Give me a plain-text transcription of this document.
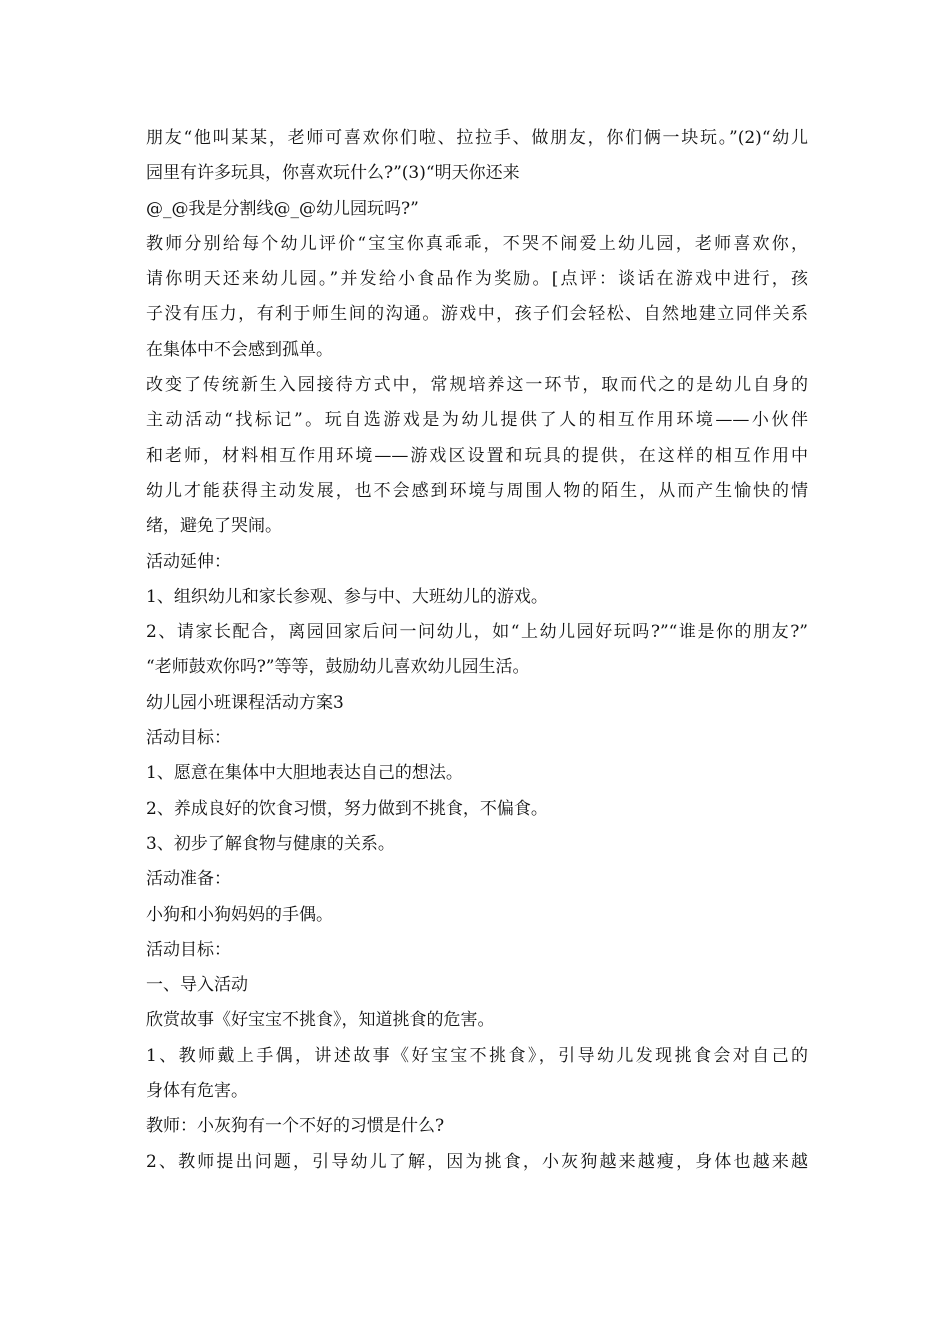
朋友“他叫某某，老师可喜欢你们啦、拉拉手、做朋友，你们俩一块玩。”(2)“幼儿
园里有许多玩具，你喜欢玩什么?”(3)“明天你还来
@_@我是分割线@_@幼儿园玩吗?”
教师分别给每个幼儿评价“宝宝你真乖乖，不哭不闹爱上幼儿园，老师喜欢你，
请你明天还来幼儿园。”并发给小食品作为奖励。[点评：谈话在游戏中进行，孩
子没有压力，有利于师生间的沟通。游戏中，孩子们会轻松、自然地建立同伴关系
在集体中不会感到孤单。
改变了传统新生入园接待方式中，常规培养这一环节，取而代之的是幼儿自身的
主动活动“找标记”。玩自选游戏是为幼儿提供了人的相互作用环境——小伙伴
和老师，材料相互作用环境——游戏区设置和玩具的提供，在这样的相互作用中
幼儿才能获得主动发展，也不会感到环境与周围人物的陌生，从而产生愉快的情
绪，避免了哭闹。
活动延伸：
1、组织幼儿和家长参观、参与中、大班幼儿的游戏。
2、请家长配合，离园回家后问一问幼儿，如“上幼儿园好玩吗?”“谁是你的朋友?”
“老师鼓欢你吗?”等等，鼓励幼儿喜欢幼儿园生活。
幼儿园小班课程活动方案3
活动目标：
1、愿意在集体中大胆地表达自己的想法。
2、养成良好的饮食习惯，努力做到不挑食，不偏食。
3、初步了解食物与健康的关系。
活动准备：
小狗和小狗妈妈的手偶。
活动目标：
一、导入活动
欣赏故事《好宝宝不挑食》，知道挑食的危害。
1、教师戴上手偶，讲述故事《好宝宝不挑食》，引导幼儿发现挑食会对自己的
身体有危害。
教师：小灰狗有一个不好的习惯是什么?
2、教师提出问题，引导幼儿了解，因为挑食，小灰狗越来越瘦，身体也越来越
